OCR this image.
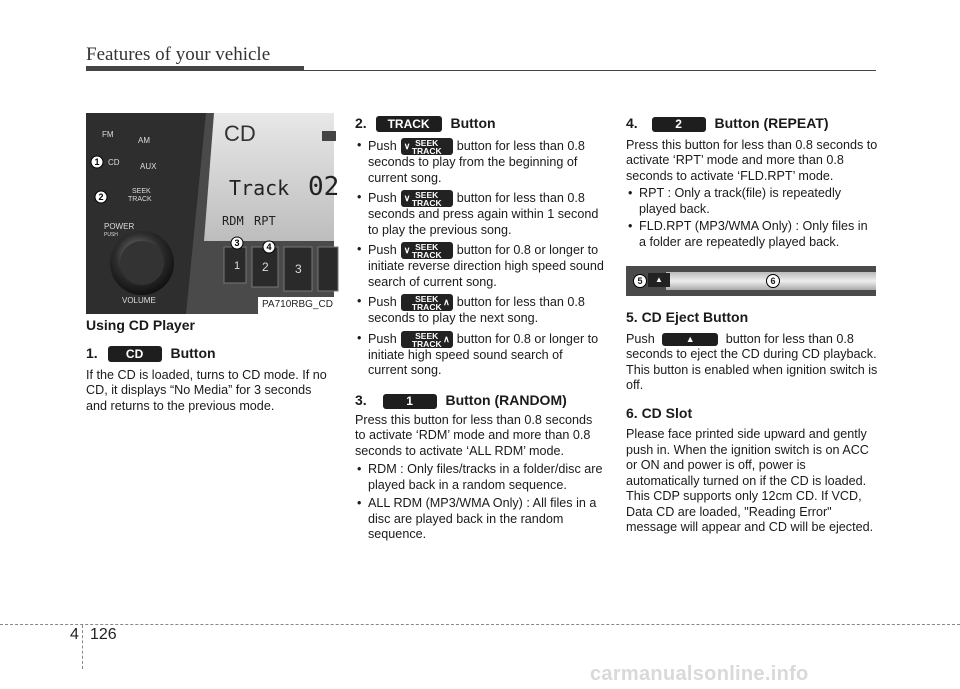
Features of your vehicle
CD
Track 02
RDM RPT
FM
AM
CD	AUX
SEEK
TRACK
POWER
PUSH
VOLUME
1 2 3
1
2
3	4
PA710RBG_CD

Using CD Player

1. CD Button

If the CD is loaded, turns to CD mode. If no CD, it displays “No Media” for 3 seconds and returns to the previous mode.

2. TRACK Button

• Push ∨ SEEK
TRACK button for less than 0.8 seconds to play from the beginning of current song.

• Push ∨ SEEK
TRACK button for less than 0.8 seconds and press again within 1 second to play the previous song.

• Push ∨ SEEK
TRACK button for 0.8 or longer to initiate reverse direction high speed sound search of current song.

• Push	∧
SEEK
TRACK button for less than 0.8 seconds to play the next song.

• Push	∧
SEEK
TRACK button for 0.8 or longer to initiate high speed sound search of current song.

3.	1 Button (RANDOM)

Press this button for less than 0.8 seconds to activate ‘RDM’ mode and more than 0.8 seconds to activate ‘ALL RDM’ mode.

• RDM : Only files/tracks in a folder/disc are played back in a random sequence.

• ALL RDM (MP3/WMA Only) : All files in a disc are played back in the random sequence.

4.	2 Button (REPEAT)

Press this button for less than 0.8 seconds to activate ‘RPT’ mode and more than 0.8 seconds to activate ‘FLD.RPT’ mode.

• RPT : Only a track(file) is repeatedly played back.

• FLD.RPT (MP3/WMA Only) : Only files in a folder are repeatedly played back.

▲
5	6

5. CD Eject Button

Push	▲ button for less than 0.8 seconds to eject the CD during CD playback. This button is enabled when ignition switch is off.

6. CD Slot

Please face printed side upward and gently push in. When the ignition switch is on ACC or ON and power is off, power is automatically turned on if the CD is loaded. This CDP supports only 12cm CD. If VCD, Data CD are loaded, "Reading Error" message will appear and CD will be ejected.

4 126
carmanualsonline.info
